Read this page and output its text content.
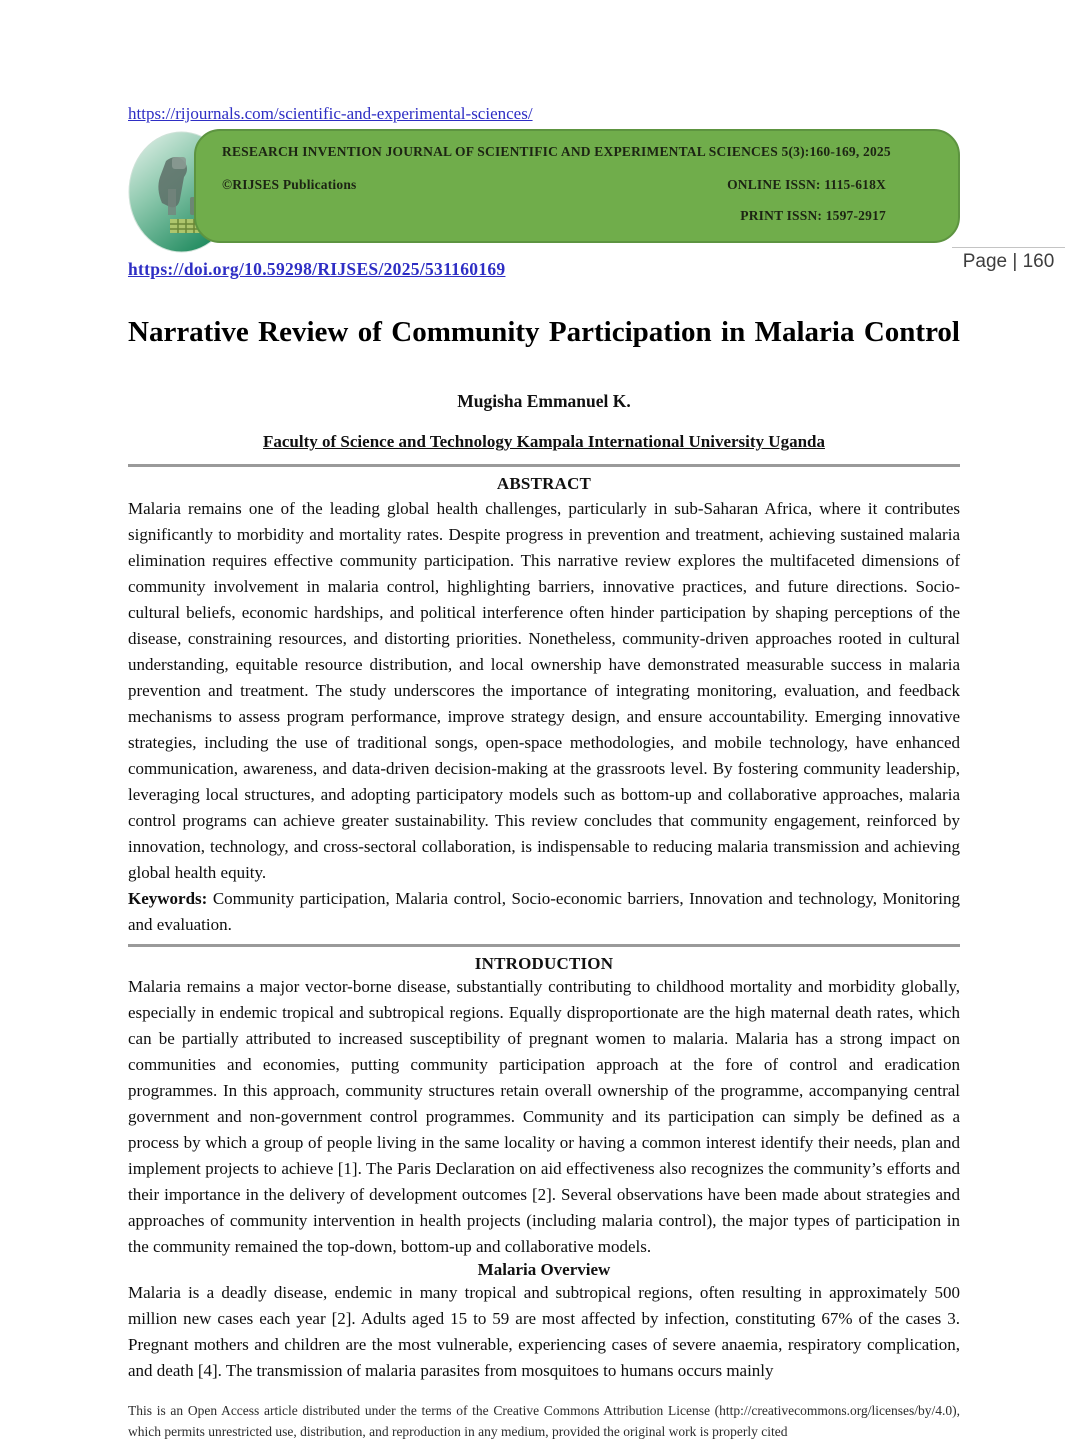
https://rijournals.com/scientific-and-experimental-sciences/
RESEARCH INVENTION JOURNAL OF SCIENTIFIC AND EXPERIMENTAL SCIENCES 5(3):160-169, 2025
©RIJSES Publications	ONLINE ISSN: 1115-618X
PRINT ISSN: 1597-2917
https://doi.org/10.59298/RIJSES/2025/531160169	Page | 160
Narrative Review of Community Participation in Malaria Control
Mugisha Emmanuel K.
Faculty of Science and Technology Kampala International University Uganda
ABSTRACT

Malaria remains one of the leading global health challenges, particularly in sub-Saharan Africa, where it contributes significantly to morbidity and mortality rates. Despite progress in prevention and treatment, achieving sustained malaria elimination requires effective community participation. This narrative review explores the multifaceted dimensions of community involvement in malaria control, highlighting barriers, innovative practices, and future directions. Socio-cultural beliefs, economic hardships, and political interference often hinder participation by shaping perceptions of the disease, constraining resources, and distorting priorities. Nonetheless, community-driven approaches rooted in cultural understanding, equitable resource distribution, and local ownership have demonstrated measurable success in malaria prevention and treatment. The study underscores the importance of integrating monitoring, evaluation, and feedback mechanisms to assess program performance, improve strategy design, and ensure accountability. Emerging innovative strategies, including the use of traditional songs, open-space methodologies, and mobile technology, have enhanced communication, awareness, and data-driven decision-making at the grassroots level. By fostering community leadership, leveraging local structures, and adopting participatory models such as bottom-up and collaborative approaches, malaria control programs can achieve greater sustainability. This review concludes that community engagement, reinforced by innovation, technology, and cross-sectoral collaboration, is indispensable to reducing malaria transmission and achieving global health equity.

Keywords: Community participation, Malaria control, Socio-economic barriers, Innovation and technology, Monitoring and evaluation.

INTRODUCTION

Malaria remains a major vector-borne disease, substantially contributing to childhood mortality and morbidity globally, especially in endemic tropical and subtropical regions. Equally disproportionate are the high maternal death rates, which can be partially attributed to increased susceptibility of pregnant women to malaria. Malaria has a strong impact on communities and economies, putting community participation approach at the fore of control and eradication programmes. In this approach, community structures retain overall ownership of the programme, accompanying central government and non-government control programmes. Community and its participation can simply be defined as a process by which a group of people living in the same locality or having a common interest identify their needs, plan and implement projects to achieve [1]. The Paris Declaration on aid effectiveness also recognizes the community’s efforts and their importance in the delivery of development outcomes [2]. Several observations have been made about strategies and approaches of community intervention in health projects (including malaria control), the major types of participation in the community remained the top-down, bottom-up and collaborative models.

Malaria Overview

Malaria is a deadly disease, endemic in many tropical and subtropical regions, often resulting in approximately 500 million new cases each year [2]. Adults aged 15 to 59 are most affected by infection, constituting 67% of the cases 3. Pregnant mothers and children are the most vulnerable, experiencing cases of severe anaemia, respiratory complication, and death [4]. The transmission of malaria parasites from mosquitoes to humans occurs mainly

This is an Open Access article distributed under the terms of the Creative Commons Attribution License (http://creativecommons.org/licenses/by/4.0), which permits unrestricted use, distribution, and reproduction in any medium, provided the original work is properly cited
